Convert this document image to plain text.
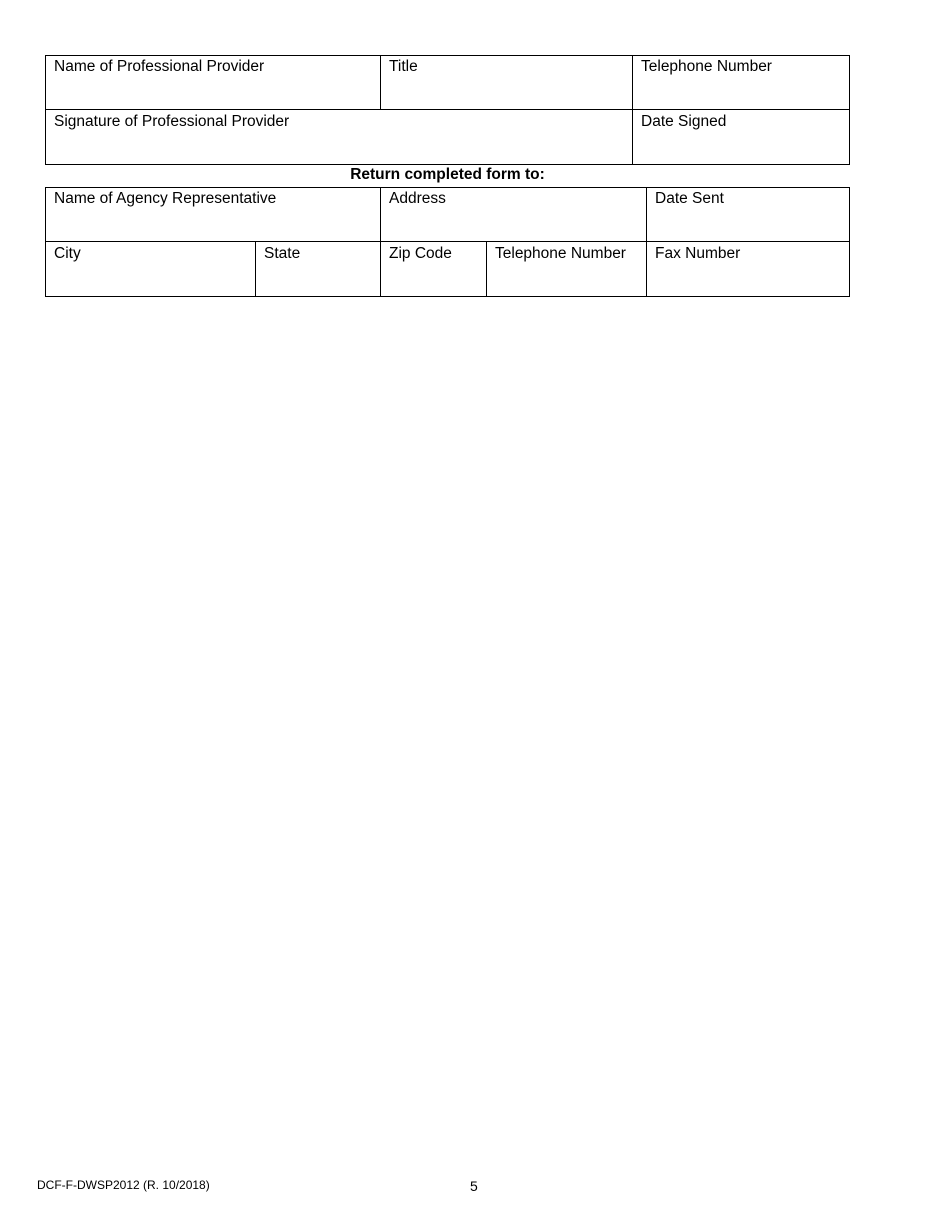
Name of Professional Provider	Title	Telephone Number
Signature of Professional Provider	Date Signed
Return completed form to:
Name of Agency Representative	Address	Date Sent
City	State	Zip Code	Telephone Number	Fax Number
DCF-F-DWSP2012 (R. 10/2018)	5
